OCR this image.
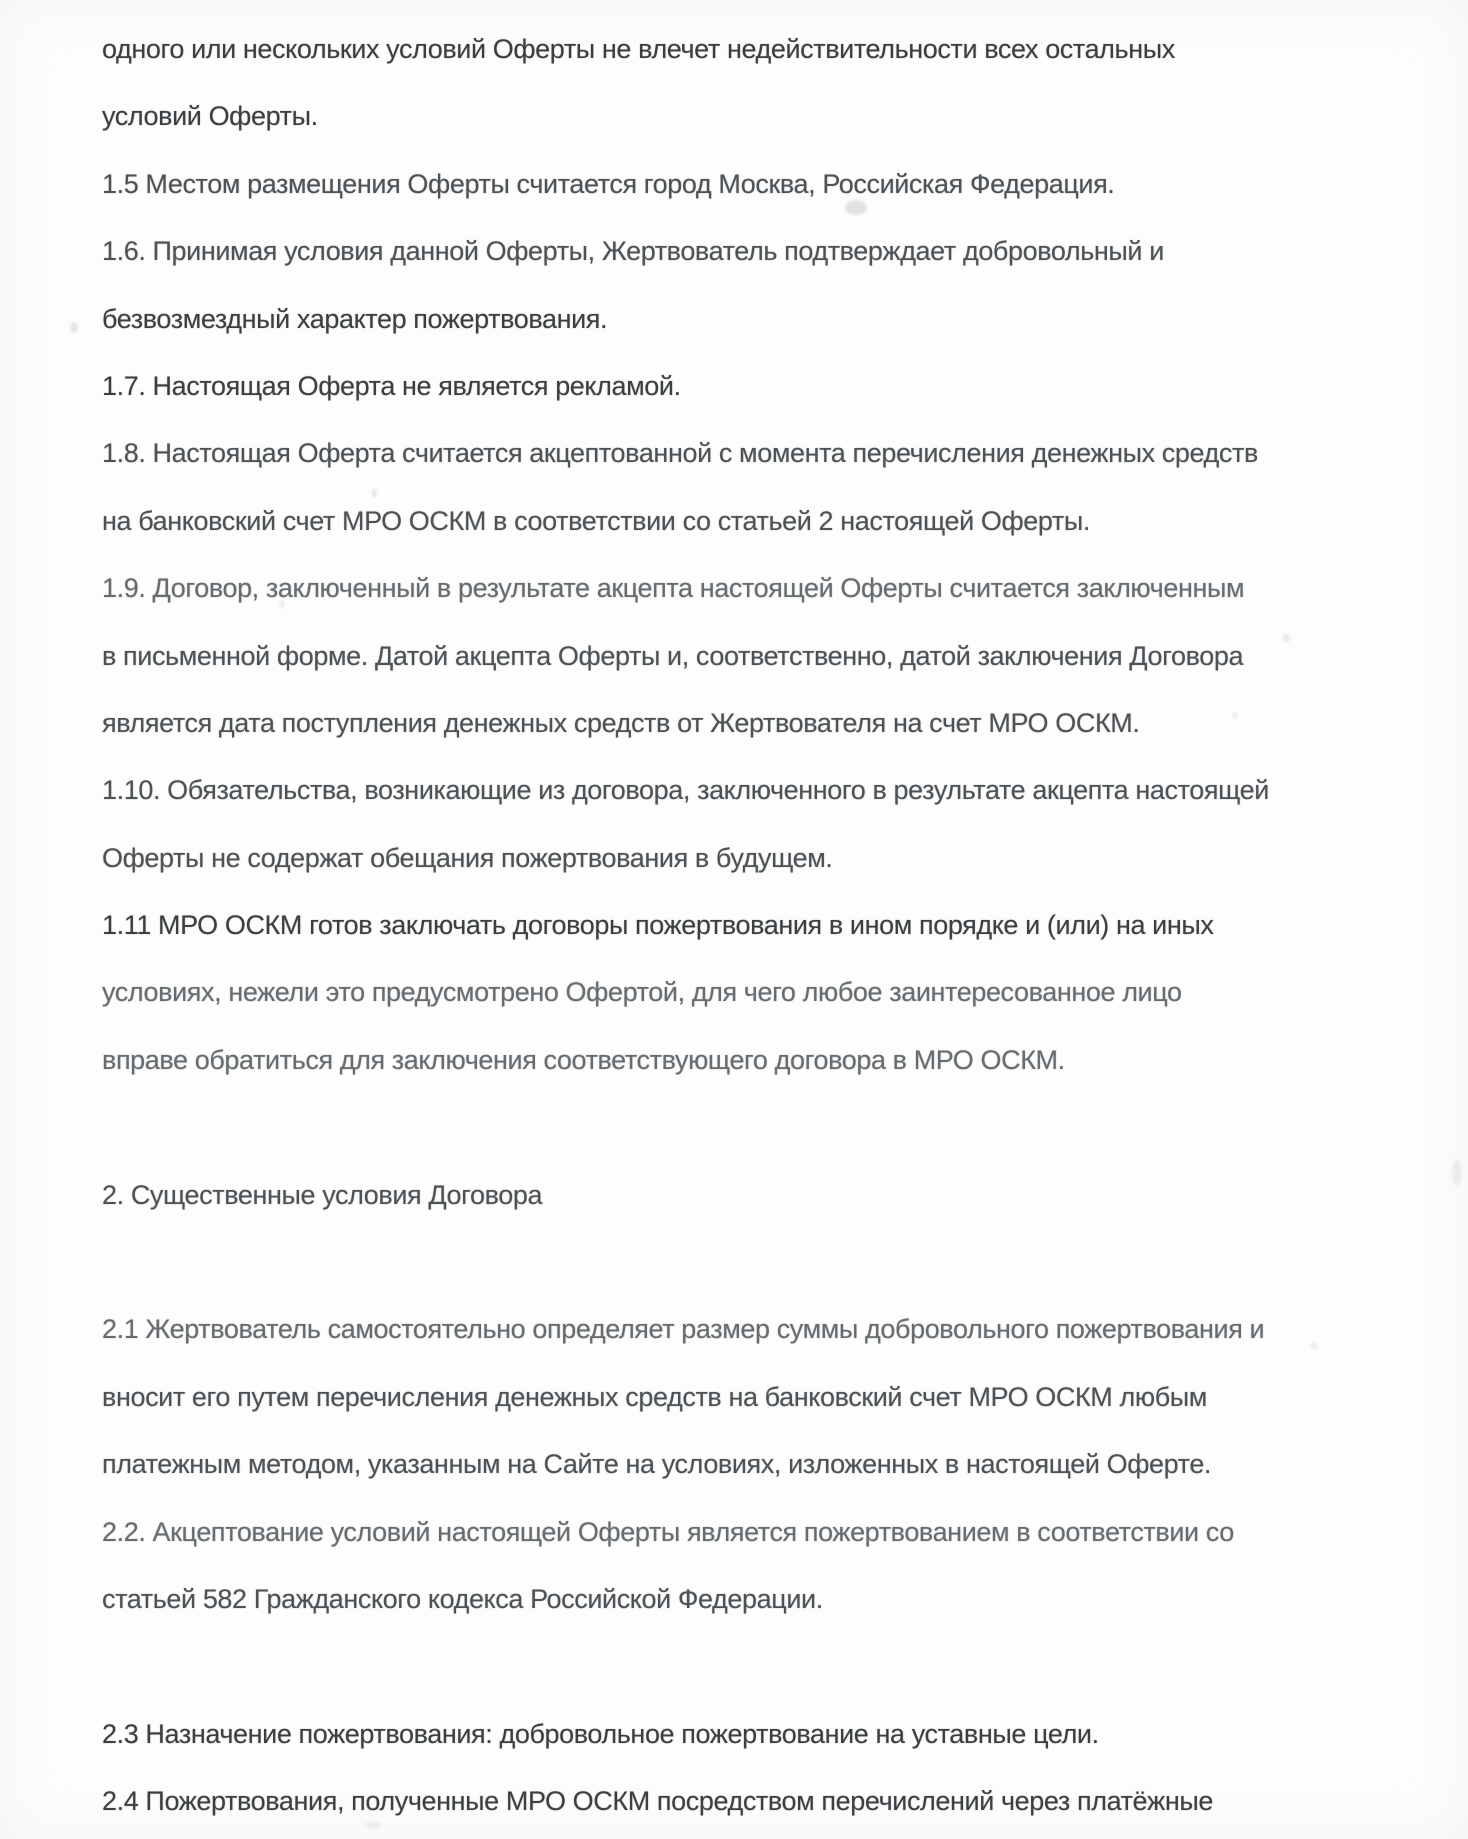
одного или нескольких условий Оферты не влечет недействительности всех остальных
условий Оферты.
1.5 Местом размещения Оферты считается город Москва, Российская Федерация.
1.6. Принимая условия данной Оферты, Жертвователь подтверждает добровольный и
безвозмездный характер пожертвования.
1.7. Настоящая Оферта не является рекламой.
1.8. Настоящая Оферта считается акцептованной с момента перечисления денежных средств
на банковский счет МРО ОСКМ в соответствии со статьей 2 настоящей Оферты.
1.9. Договор, заключенный в результате акцепта настоящей Оферты считается заключенным
в письменной форме. Датой акцепта Оферты и, соответственно, датой заключения Договора
является дата поступления денежных средств от Жертвователя на счет МРО ОСКМ.
1.10. Обязательства, возникающие из договора, заключенного в результате акцепта настоящей
Оферты не содержат обещания пожертвования в будущем.
1.11 МРО ОСКМ готов заключать договоры пожертвования в ином порядке и (или) на иных
условиях, нежели это предусмотрено Офертой, для чего любое заинтересованное лицо
вправе обратиться для заключения соответствующего договора в МРО ОСКМ.
2. Существенные условия Договора
2.1 Жертвователь самостоятельно определяет размер суммы добровольного пожертвования и
вносит его путем перечисления денежных средств на банковский счет МРО ОСКМ любым
платежным методом, указанным на Сайте на условиях, изложенных в настоящей Оферте.
2.2. Акцептование условий настоящей Оферты является пожертвованием в соответствии со
статьей 582 Гражданского кодекса Российской Федерации.
2.3 Назначение пожертвования: добровольное пожертвование на уставные цели.
2.4 Пожертвования, полученные МРО ОСКМ посредством перечислений через платёжные
